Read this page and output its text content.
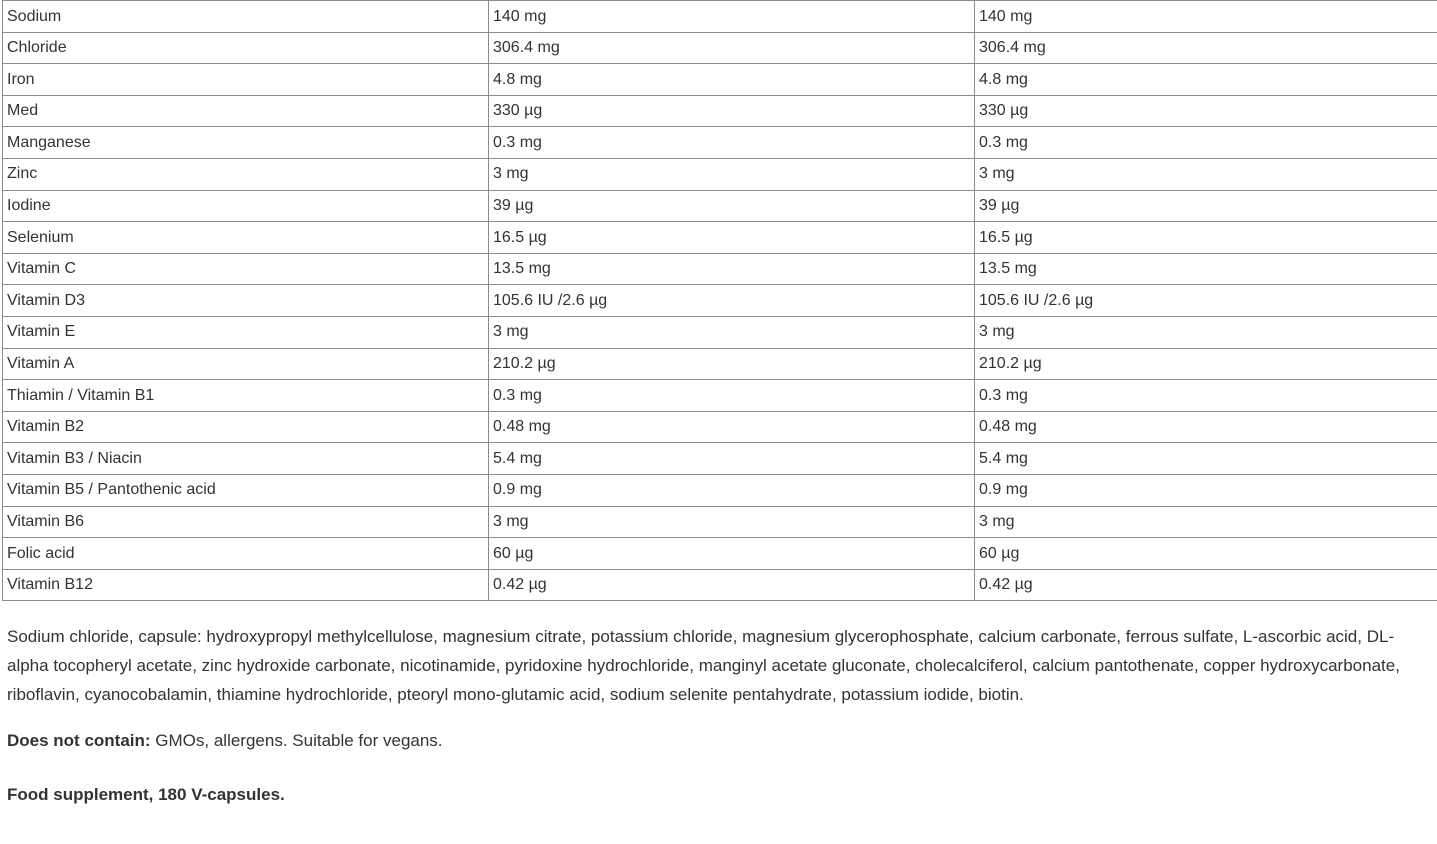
Sodium	140 mg	140 mg
Chloride	306.4 mg	306.4 mg
Iron	4.8 mg	4.8 mg
Med	330 µg	330 µg
Manganese	0.3 mg	0.3 mg
Zinc	3 mg	3 mg
Iodine	39 µg	39 µg
Selenium	16.5 µg	16.5 µg
Vitamin C	13.5 mg	13.5 mg
Vitamin D3	105.6 IU /2.6 µg	105.6 IU /2.6 µg
Vitamin E	3 mg	3 mg
Vitamin A	210.2 µg	210.2 µg
Thiamin / Vitamin B1	0.3 mg	0.3 mg
Vitamin B2	0.48 mg	0.48 mg
Vitamin B3 / Niacin	5.4 mg	5.4 mg
Vitamin B5 / Pantothenic acid	0.9 mg	0.9 mg
Vitamin B6	3 mg	3 mg
Folic acid	60 µg	60 µg
Vitamin B12	0.42 µg	0.42 µg

Sodium chloride, capsule: hydroxypropyl methylcellulose, magnesium citrate, potassium chloride, magnesium glycerophosphate, calcium carbonate, ferrous sulfate, L-ascorbic acid, DL-alpha tocopheryl acetate, zinc hydroxide carbonate, nicotinamide, pyridoxine hydrochloride, manginyl acetate gluconate, cholecalciferol, calcium pantothenate, copper hydroxycarbonate, riboflavin, cyanocobalamin, thiamine hydrochloride, pteoryl mono-glutamic acid, sodium selenite pentahydrate, potassium iodide, biotin.

Does not contain: GMOs, allergens. Suitable for vegans.

Food supplement, 180 V-capsules.
